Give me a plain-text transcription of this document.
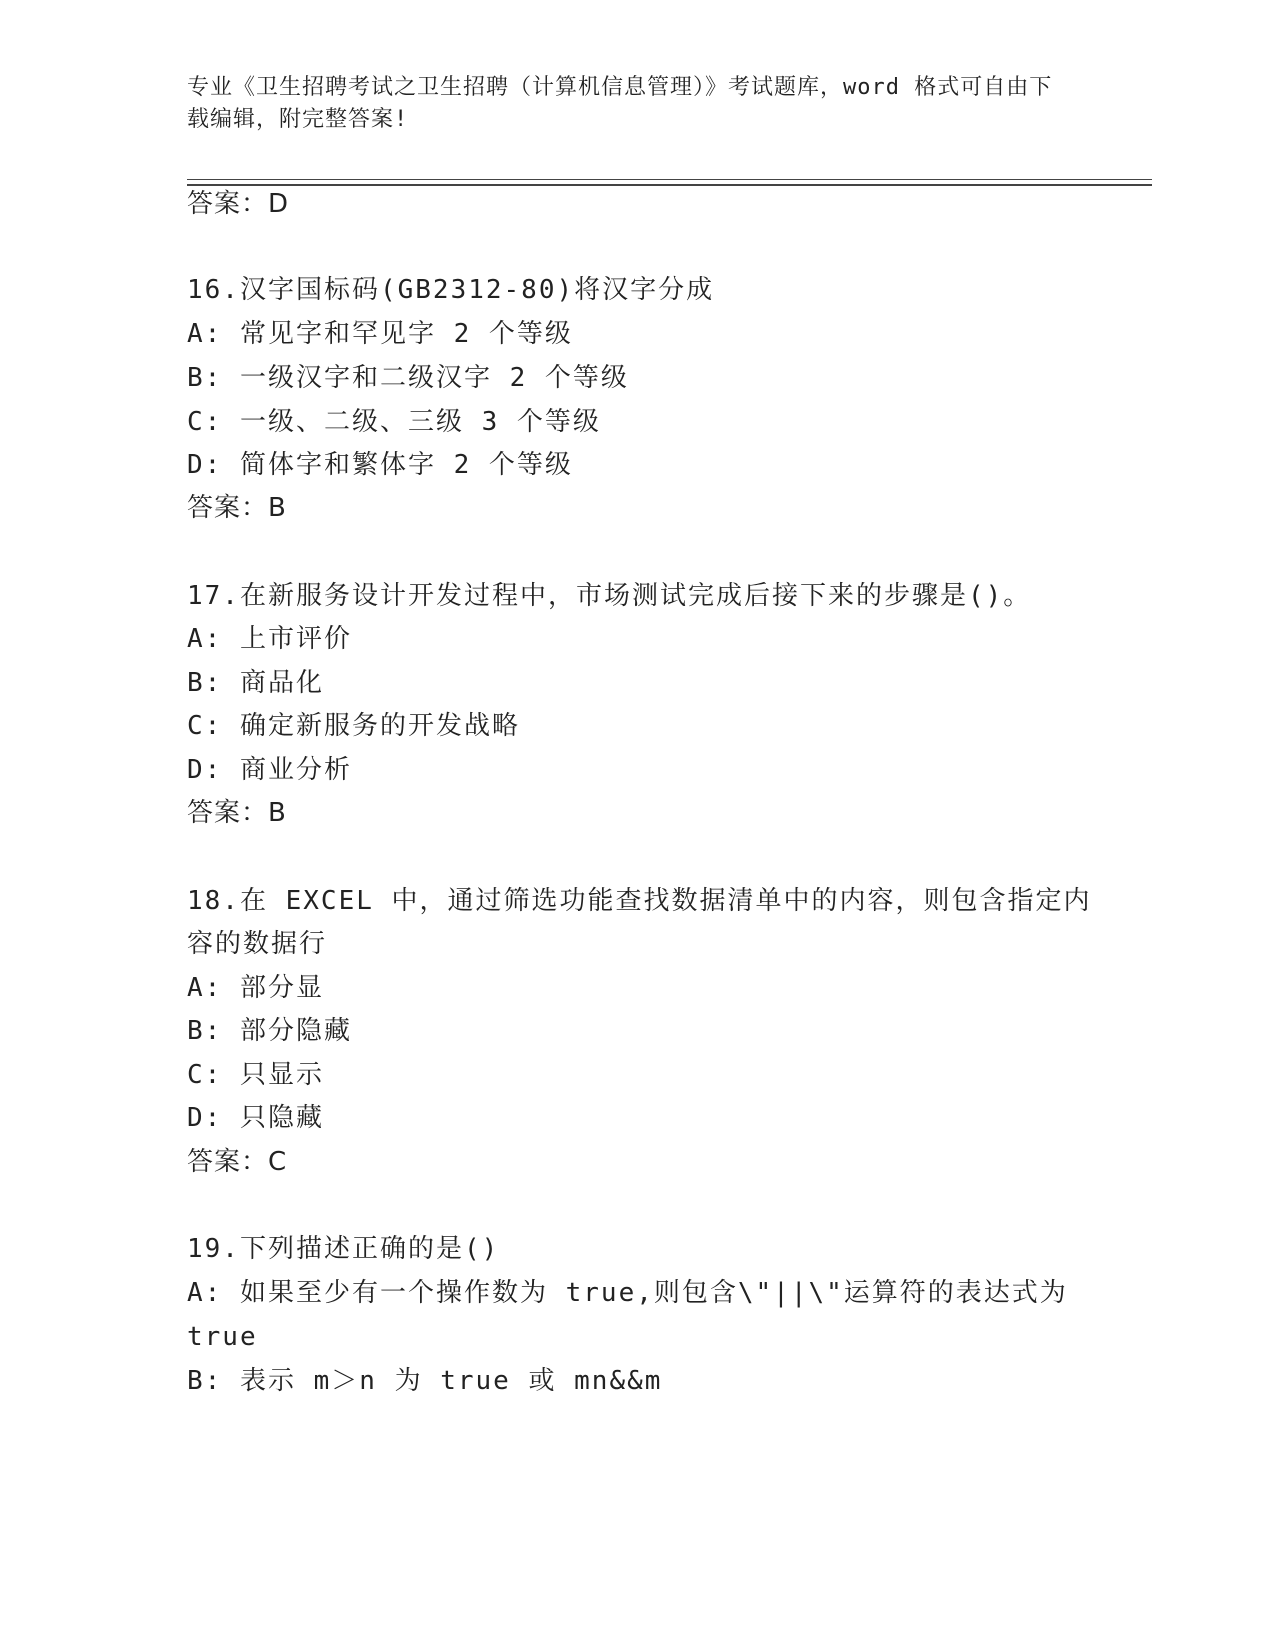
专业《卫生招聘考试之卫生招聘（计算机信息管理）》考试题库，word 格式可自由下载编辑，附完整答案!
答案：D
16.汉字国标码(GB2312-80)将汉字分成
A: 常见字和罕见字 2 个等级
B: 一级汉字和二级汉字 2 个等级
C: 一级、二级、三级 3 个等级
D: 简体字和繁体字 2 个等级
答案：B
17.在新服务设计开发过程中，市场测试完成后接下来的步骤是()。
A: 上市评价
B: 商品化
C: 确定新服务的开发战略
D: 商业分析
答案：B
18.在 EXCEL 中，通过筛选功能查找数据清单中的内容，则包含指定内
容的数据行
A: 部分显
B: 部分隐藏
C: 只显示
D: 只隐藏
答案：C
19.下列描述正确的是()
A: 如果至少有一个操作数为 true,则包含\"||\"运算符的表达式为
true
B: 表示 m＞n 为 true 或 mn&&m
